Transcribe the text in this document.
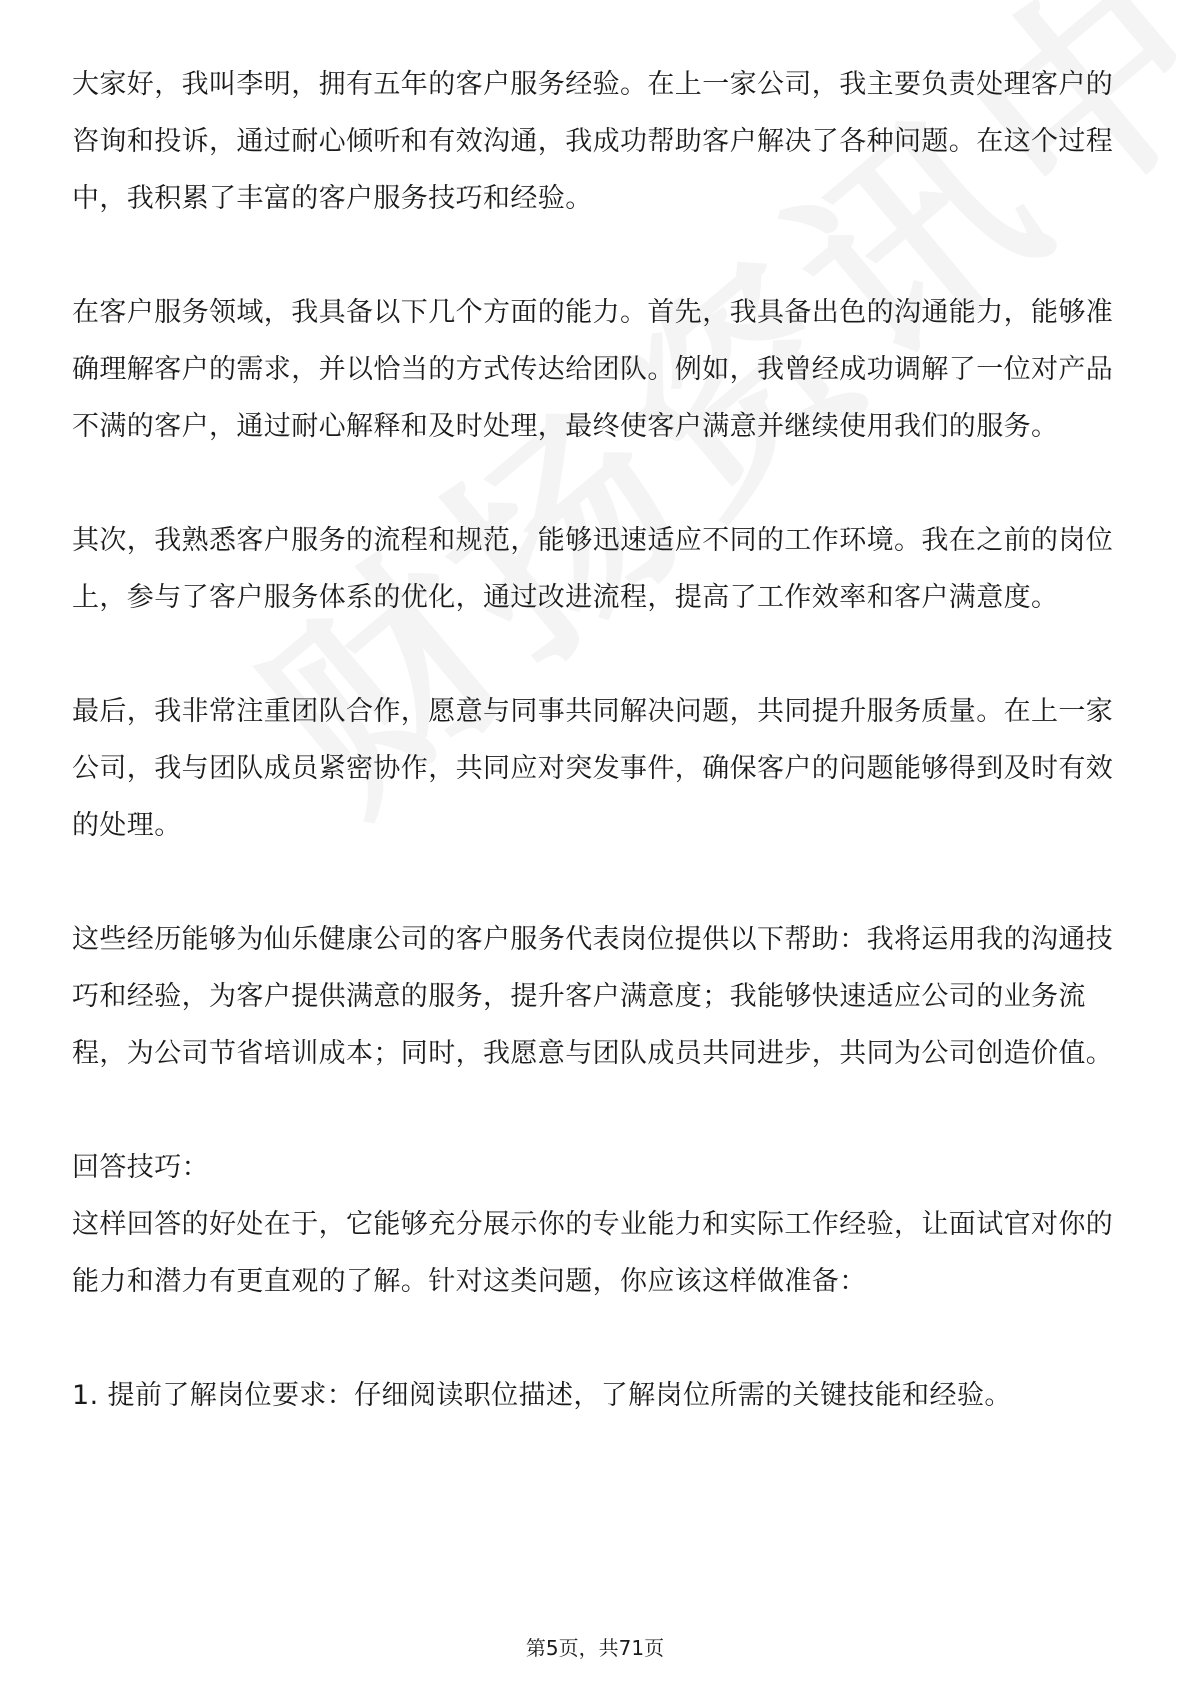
大家好，我叫李明，拥有五年的客户服务经验。在上一家公司，我主要负责处理客户的咨询和投诉，通过耐心倾听和有效沟通，我成功帮助客户解决了各种问题。在这个过程中，我积累了丰富的客户服务技巧和经验。

在客户服务领域，我具备以下几个方面的能力。首先，我具备出色的沟通能力，能够准确理解客户的需求，并以恰当的方式传达给团队。例如，我曾经成功调解了一位对产品不满的客户，通过耐心解释和及时处理，最终使客户满意并继续使用我们的服务。

其次，我熟悉客户服务的流程和规范，能够迅速适应不同的工作环境。我在之前的岗位上，参与了客户服务体系的优化，通过改进流程，提高了工作效率和客户满意度。

最后，我非常注重团队合作，愿意与同事共同解决问题，共同提升服务质量。在上一家公司，我与团队成员紧密协作，共同应对突发事件，确保客户的问题能够得到及时有效的处理。

这些经历能够为仙乐健康公司的客户服务代表岗位提供以下帮助：我将运用我的沟通技巧和经验，为客户提供满意的服务，提升客户满意度；我能够快速适应公司的业务流程，为公司节省培训成本；同时，我愿意与团队成员共同进步，共同为公司创造价值。

回答技巧：

这样回答的好处在于，它能够充分展示你的专业能力和实际工作经验，让面试官对你的能力和潜力有更直观的了解。针对这类问题，你应该这样做准备：

1. 提前了解岗位要求：仔细阅读职位描述，了解岗位所需的关键技能和经验。

第5页，共71页
